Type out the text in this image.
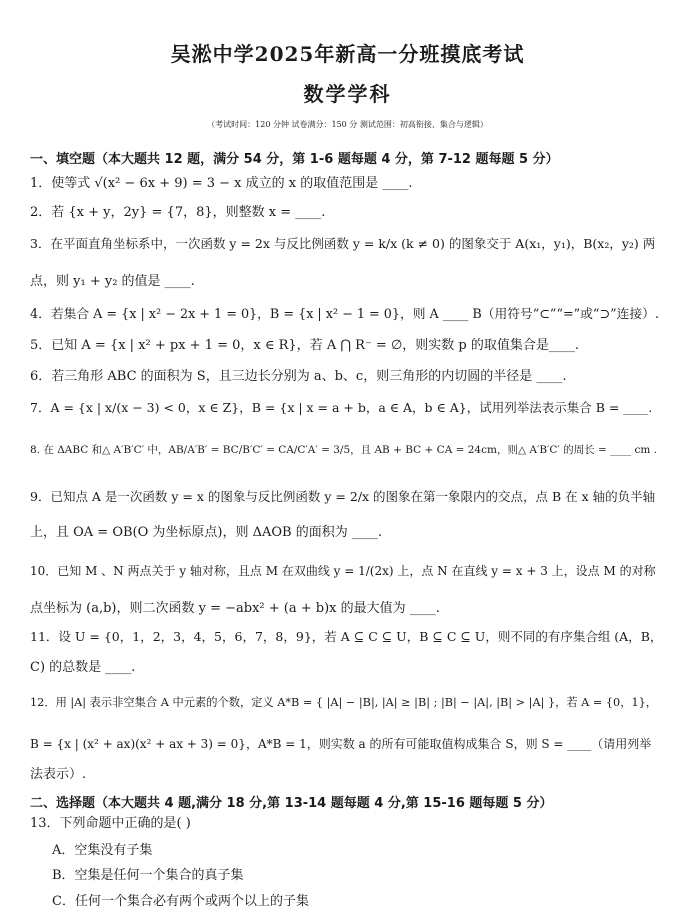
吴淞中学2025年新高一分班摸底考试
数学学科
（考试时间：120 分钟 试卷满分：150 分 测试范围：初高衔接、集合与逻辑）
一、填空题（本大题共 12 题，满分 54 分，第 1-6 题每题 4 分，第 7-12 题每题 5 分）
1．使等式 √(x² − 6x + 9) = 3 − x 成立的 x 的取值范围是 ____.
2．若 {x + y，2y} = {7，8}，则整数 x = ____.
3．在平面直角坐标系中，一次函数 y = 2x 与反比例函数 y = k/x (k ≠ 0) 的图象交于 A(x₁，y₁)，B(x₂，y₂) 两
点，则 y₁ + y₂ 的值是 ____.
4．若集合 A = {x | x² − 2x + 1 = 0}，B = {x | x² − 1 = 0}，则 A ____ B（用符号“⊂”“=”或“⊃”连接）.
5．已知 A = {x | x² + px + 1 = 0，x ∈ R}，若 A ⋂ R⁻ = ∅，则实数 p 的取值集合是____.
6．若三角形 ABC 的面积为 S，且三边长分别为 a、b、c，则三角形的内切圆的半径是 ____.
7．A = {x | x/(x − 3) < 0，x ∈ Z}，B = {x | x = a + b，a ∈ A，b ∈ A}，试用列举法表示集合 B = ____.
8. 在 ΔABC 和△ A′B′C′ 中，AB/A′B′ = BC/B′C′ = CA/C′A′ = 3/5，且 AB + BC + CA = 24cm，则△ A′B′C′ 的周长 = ____ cm .
9．已知点 A 是一次函数 y = x 的图象与反比例函数 y = 2/x 的图象在第一象限内的交点，点 B 在 x 轴的负半轴
上，且 OA = OB(O 为坐标原点)，则 ΔAOB 的面积为 ____.
10．已知 M 、N 两点关于 y 轴对称，且点 M 在双曲线 y = 1/(2x) 上，点 N 在直线 y = x + 3 上，设点 M 的对称
点坐标为 (a,b)，则二次函数 y = −abx² + (a + b)x 的最大值为 ____.
11．设 U = {0，1，2，3，4，5，6，7，8，9}，若 A ⊆ C ⊆ U，B ⊆ C ⊆ U，则不同的有序集合组 (A，B，
C) 的总数是 ____.
12．用 |A| 表示非空集合 A 中元素的个数，定义 A*B = { |A| − |B|, |A| ≥ |B| ; |B| − |A|, |B| > |A| }，若 A = {0，1}，
B = {x | (x² + ax)(x² + ax + 3) = 0}，A*B = 1，则实数 a 的所有可能取值构成集合 S，则 S = ____（请用列举
法表示）.
二、选择题（本大题共 4 题,满分 18 分,第 13-14 题每题 4 分,第 15-16 题每题 5 分）
13．下列命题中正确的是( )
A．空集没有子集
B．空集是任何一个集合的真子集
C．任何一个集合必有两个或两个以上的子集
